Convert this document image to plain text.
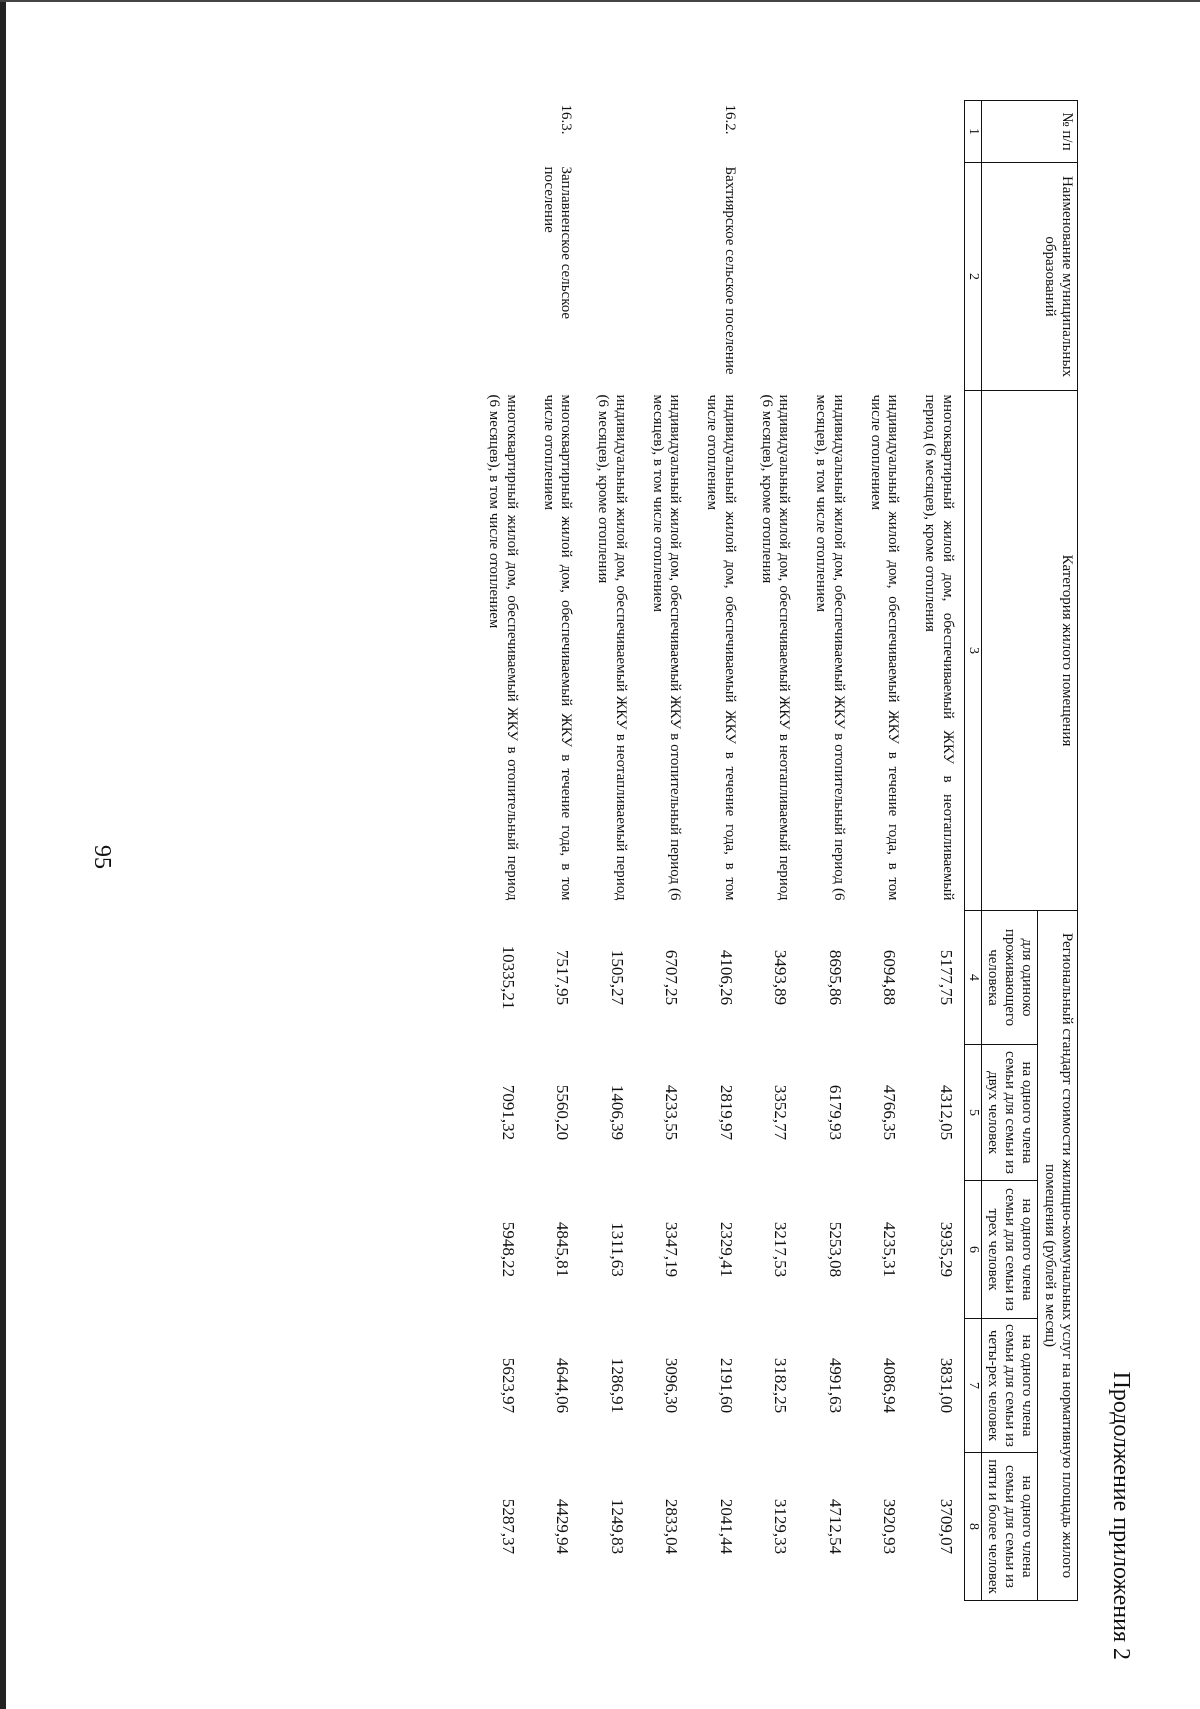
Продолжение приложения 2
95
№ п/п	Наименование муниципальных образований	Категория жилого помещения	Региональный стандарт стоимости жилищно-коммунальных услуг на нормативную площадь жилого помещения (рублей в месяц)				
			для одиноко проживающего человека	на одного члена семьи для семьи из двух человек	на одного члена семьи для семьи из трех человек	на одного члена семьи для семьи из четы-рех человек	на одного члена семьи для семьи из пяти и более человек
1	2	3	4	5	6	7	8
		многоквартирный жилой дом, обеспечиваемый ЖКУ в неотапливаемый период (6 месяцев), кроме отопления	5177,75	4312,05	3935,29	3831,00	3709,07
		индивидуальный жилой дом, обеспечиваемый ЖКУ в течение года, в том числе отоплением	6094,88	4766,35	4235,31	4086,94	3920,93
		индивидуальный жилой дом, обеспечиваемый ЖКУ в отопительный период (6 месяцев), в том числе отоплением	8695,86	6179,93	5253,08	4991,63	4712,54
		индивидуальный жилой дом, обеспечиваемый ЖКУ в неотапливаемый период (6 месяцев), кроме отопления	3493,89	3352,77	3217,53	3182,25	3129,33
16.2.	Бахтиярское сельское поселение	индивидуальный жилой дом, обеспечиваемый ЖКУ в течение года, в том числе отоплением	4106,26	2819,97	2329,41	2191,60	2041,44
		индивидуальный жилой дом, обеспечиваемый ЖКУ в отопительный период (6 месяцев), в том числе отоплением	6707,25	4233,55	3347,19	3096,30	2833,04
		индивидуальный жилой дом, обеспечиваемый ЖКУ в неотапливаемый период (6 месяцев), кроме отопления	1505,27	1406,39	1311,63	1286,91	1249,83
16.3.	Заплавненское сельское поселение	многоквартирный жилой дом, обеспечиваемый ЖКУ в течение года, в том числе отоплением	7517,95	5560,20	4845,81	4644,06	4429,94
		многоквартирный жилой дом, обеспечиваемый ЖКУ в отопительный период (6 месяцев), в том числе отоплением	10335,21	7091,32	5948,22	5623,97	5287,37
